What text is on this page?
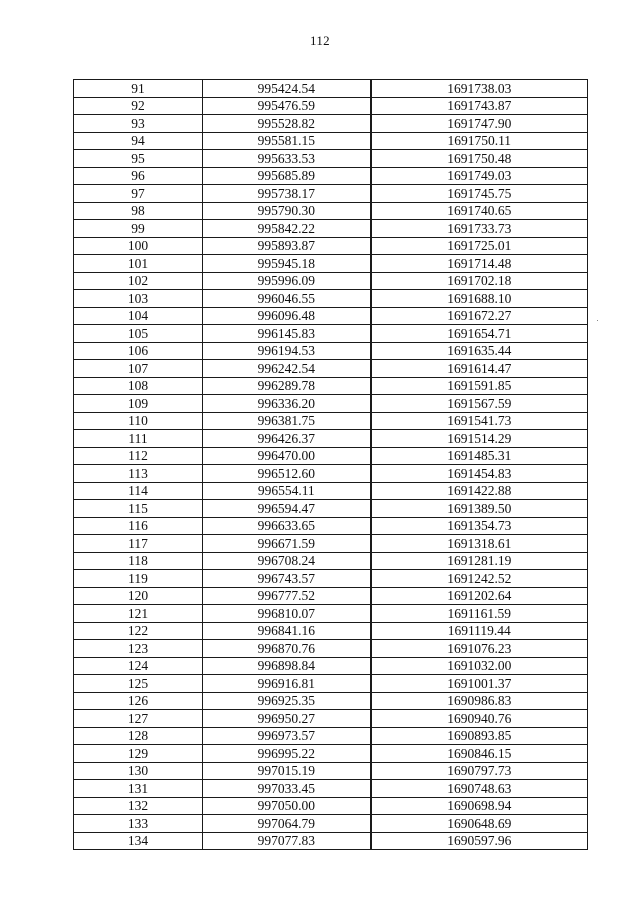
112
91	995424.54	1691738.03
92	995476.59	1691743.87
93	995528.82	1691747.90
94	995581.15	1691750.11
95	995633.53	1691750.48
96	995685.89	1691749.03
97	995738.17	1691745.75
98	995790.30	1691740.65
99	995842.22	1691733.73
100	995893.87	1691725.01
101	995945.18	1691714.48
102	995996.09	1691702.18
103	996046.55	1691688.10
104	996096.48	1691672.27
105	996145.83	1691654.71
106	996194.53	1691635.44
107	996242.54	1691614.47
108	996289.78	1691591.85
109	996336.20	1691567.59
110	996381.75	1691541.73
111	996426.37	1691514.29
112	996470.00	1691485.31
113	996512.60	1691454.83
114	996554.11	1691422.88
115	996594.47	1691389.50
116	996633.65	1691354.73
117	996671.59	1691318.61
118	996708.24	1691281.19
119	996743.57	1691242.52
120	996777.52	1691202.64
121	996810.07	1691161.59
122	996841.16	1691119.44
123	996870.76	1691076.23
124	996898.84	1691032.00
125	996916.81	1691001.37
126	996925.35	1690986.83
127	996950.27	1690940.76
128	996973.57	1690893.85
129	996995.22	1690846.15
130	997015.19	1690797.73
131	997033.45	1690748.63
132	997050.00	1690698.94
133	997064.79	1690648.69
134	997077.83	1690597.96
